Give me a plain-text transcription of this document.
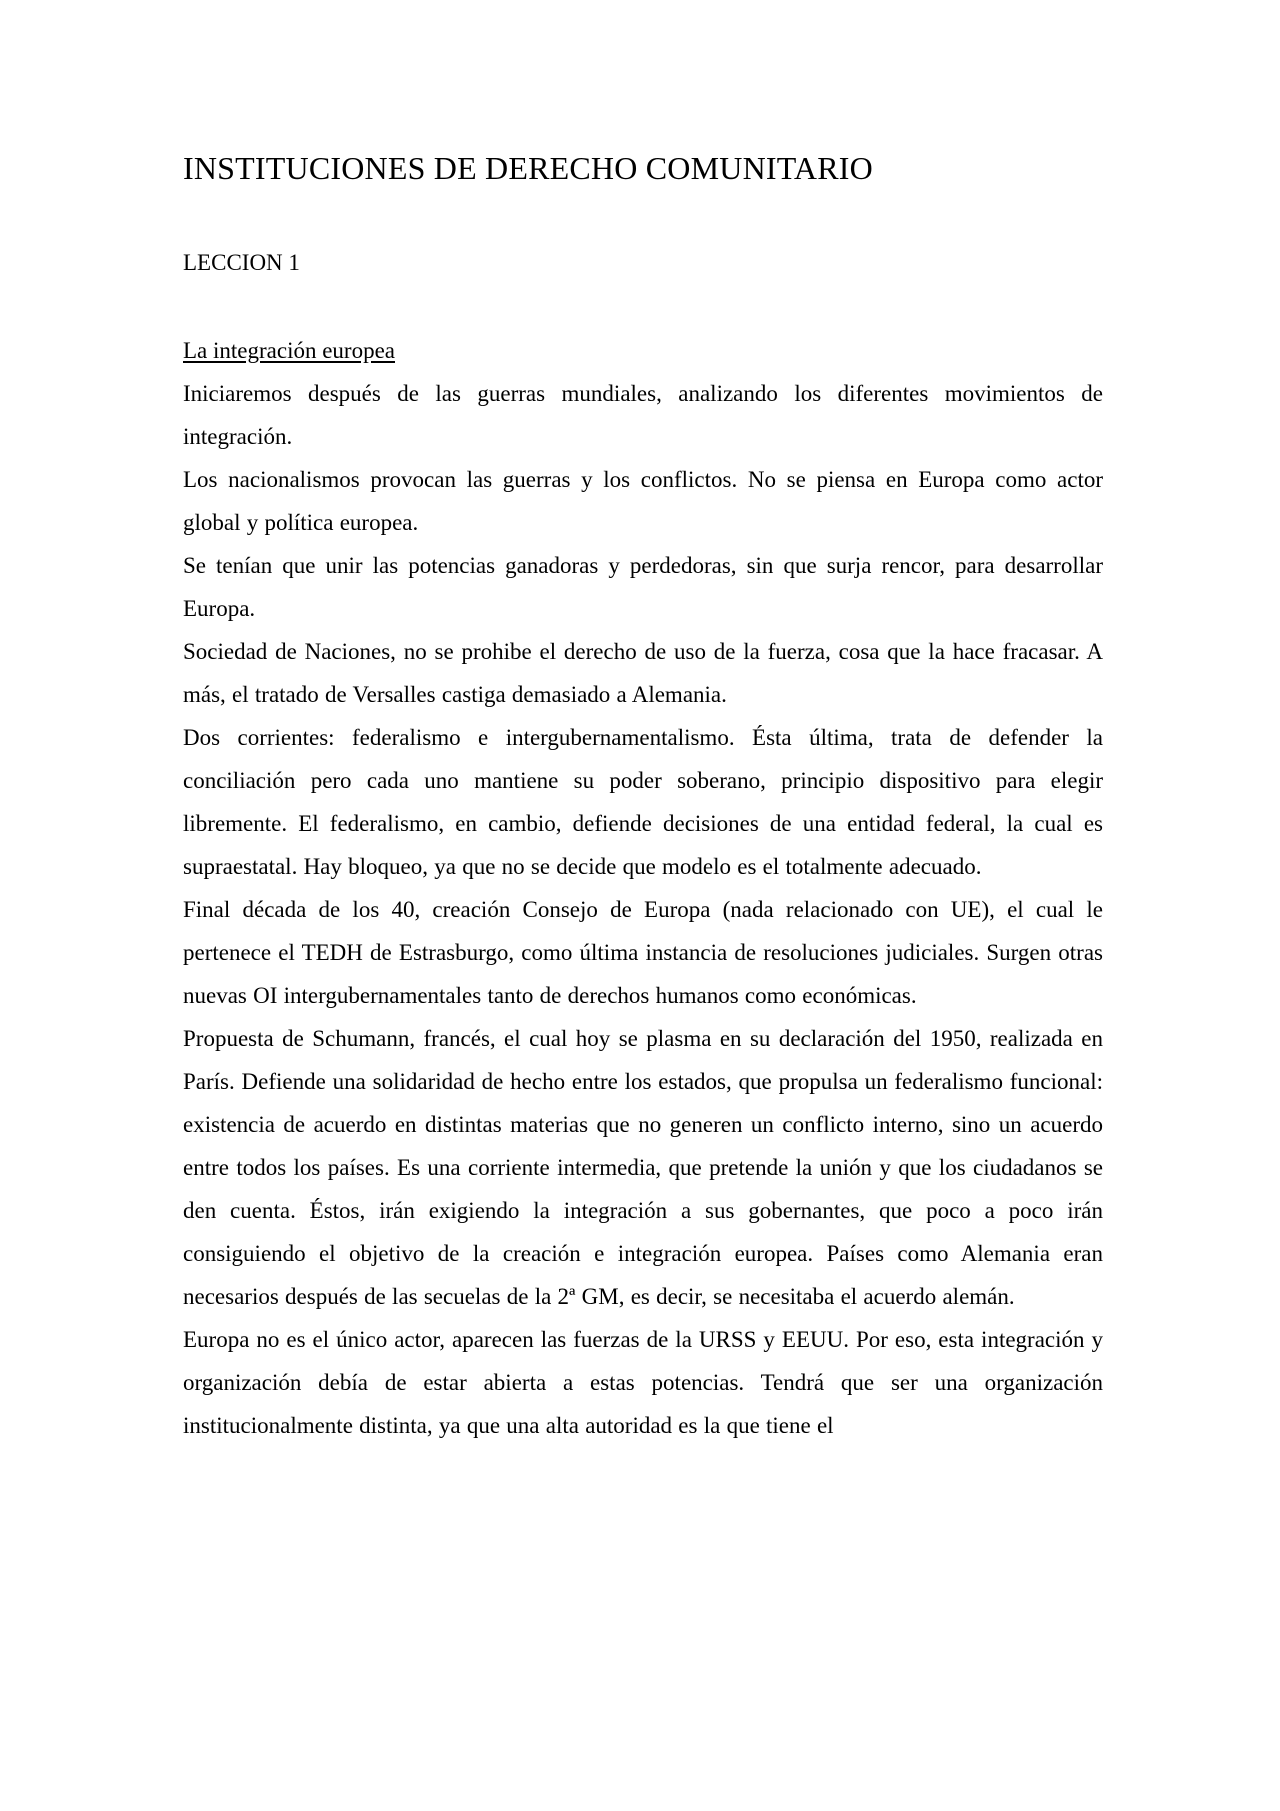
INSTITUCIONES DE DERECHO COMUNITARIO

LECCION 1

La integración europea

Iniciaremos después de las guerras mundiales, analizando los diferentes movimientos de integración.

Los nacionalismos provocan las guerras y los conflictos. No se piensa en Europa como actor global y política europea.

Se tenían que unir las potencias ganadoras y perdedoras, sin que surja rencor, para desarrollar Europa.

Sociedad de Naciones, no se prohibe el derecho de uso de la fuerza, cosa que la hace fracasar. A más, el tratado de Versalles castiga demasiado a Alemania.

Dos corrientes: federalismo e intergubernamentalismo. Ésta última, trata de defender la conciliación pero cada uno mantiene su poder soberano, principio dispositivo para elegir libremente. El federalismo, en cambio, defiende decisiones de una entidad federal, la cual es supraestatal. Hay bloqueo, ya que no se decide que modelo es el totalmente adecuado.

Final década de los 40, creación Consejo de Europa (nada relacionado con UE), el cual le pertenece el TEDH de Estrasburgo, como última instancia de resoluciones judiciales. Surgen otras nuevas OI intergubernamentales tanto de derechos humanos como económicas.

Propuesta de Schumann, francés, el cual hoy se plasma en su declaración del 1950, realizada en París. Defiende una solidaridad de hecho entre los estados, que propulsa un federalismo funcional: existencia de acuerdo en distintas materias que no generen un conflicto interno, sino un acuerdo entre todos los países. Es una corriente intermedia, que pretende la unión y que los ciudadanos se den cuenta. Éstos, irán exigiendo la integración a sus gobernantes, que poco a poco irán consiguiendo el objetivo de la creación e integración europea. Países como Alemania eran necesarios después de las secuelas de la 2ª GM, es decir, se necesitaba el acuerdo alemán.

Europa no es el único actor, aparecen las fuerzas de la URSS y EEUU. Por eso, esta integración y organización debía de estar abierta a estas potencias. Tendrá que ser una organización institucionalmente distinta, ya que una alta autoridad es la que tiene el
